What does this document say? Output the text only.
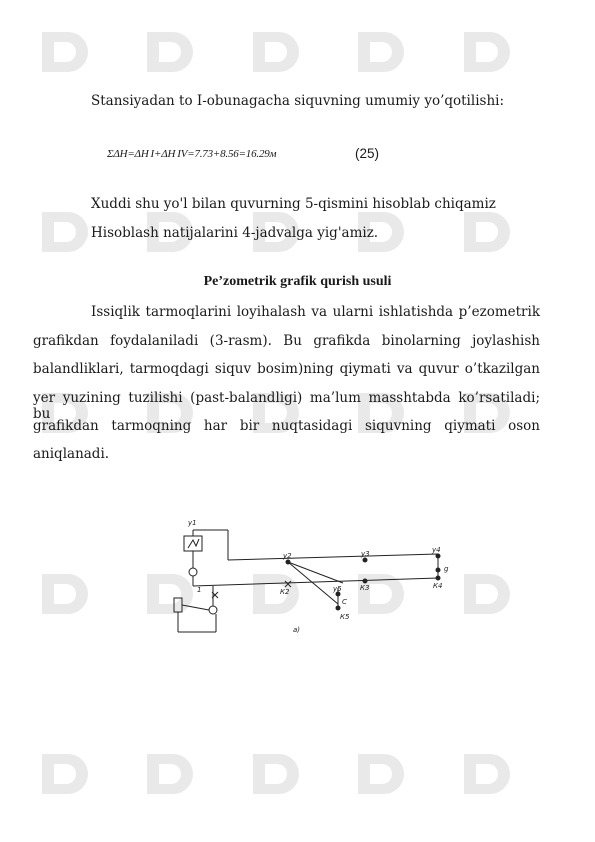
Stansiyadan to I-obunagacha siquvning umumiy yo’qotilishi:
ΣΔH=ΔH I+ΔH IV=7.73+8.56=16.29м	(25)
Xuddi shu yo'l bilan quvurning 5-qismini hisoblab chiqamiz
Hisoblash natijalarini 4-jadvalga yig'amiz.
Pe’zometrik grafik qurish usuli
Issiqlik tarmoqlarini loyihalash va ularni ishlatishda p’ezometrik
grafikdan foydalaniladi (3-rasm). Bu grafikda binolarning joylashish
balandliklari, tarmoqdagi siquv bosim)ning qiymati va quvur o’tkazilgan
yer yuzining tuzilishi (past-balandligi) ma’lum masshtabda ko’rsatiladi; bu
grafikdan tarmoqning har bir nuqtasidagi siquvning qiymati oson
aniqlanadi.
у1
у2	у3	у4
у5
К2	К3	К4
К5
1
g
С
а)
